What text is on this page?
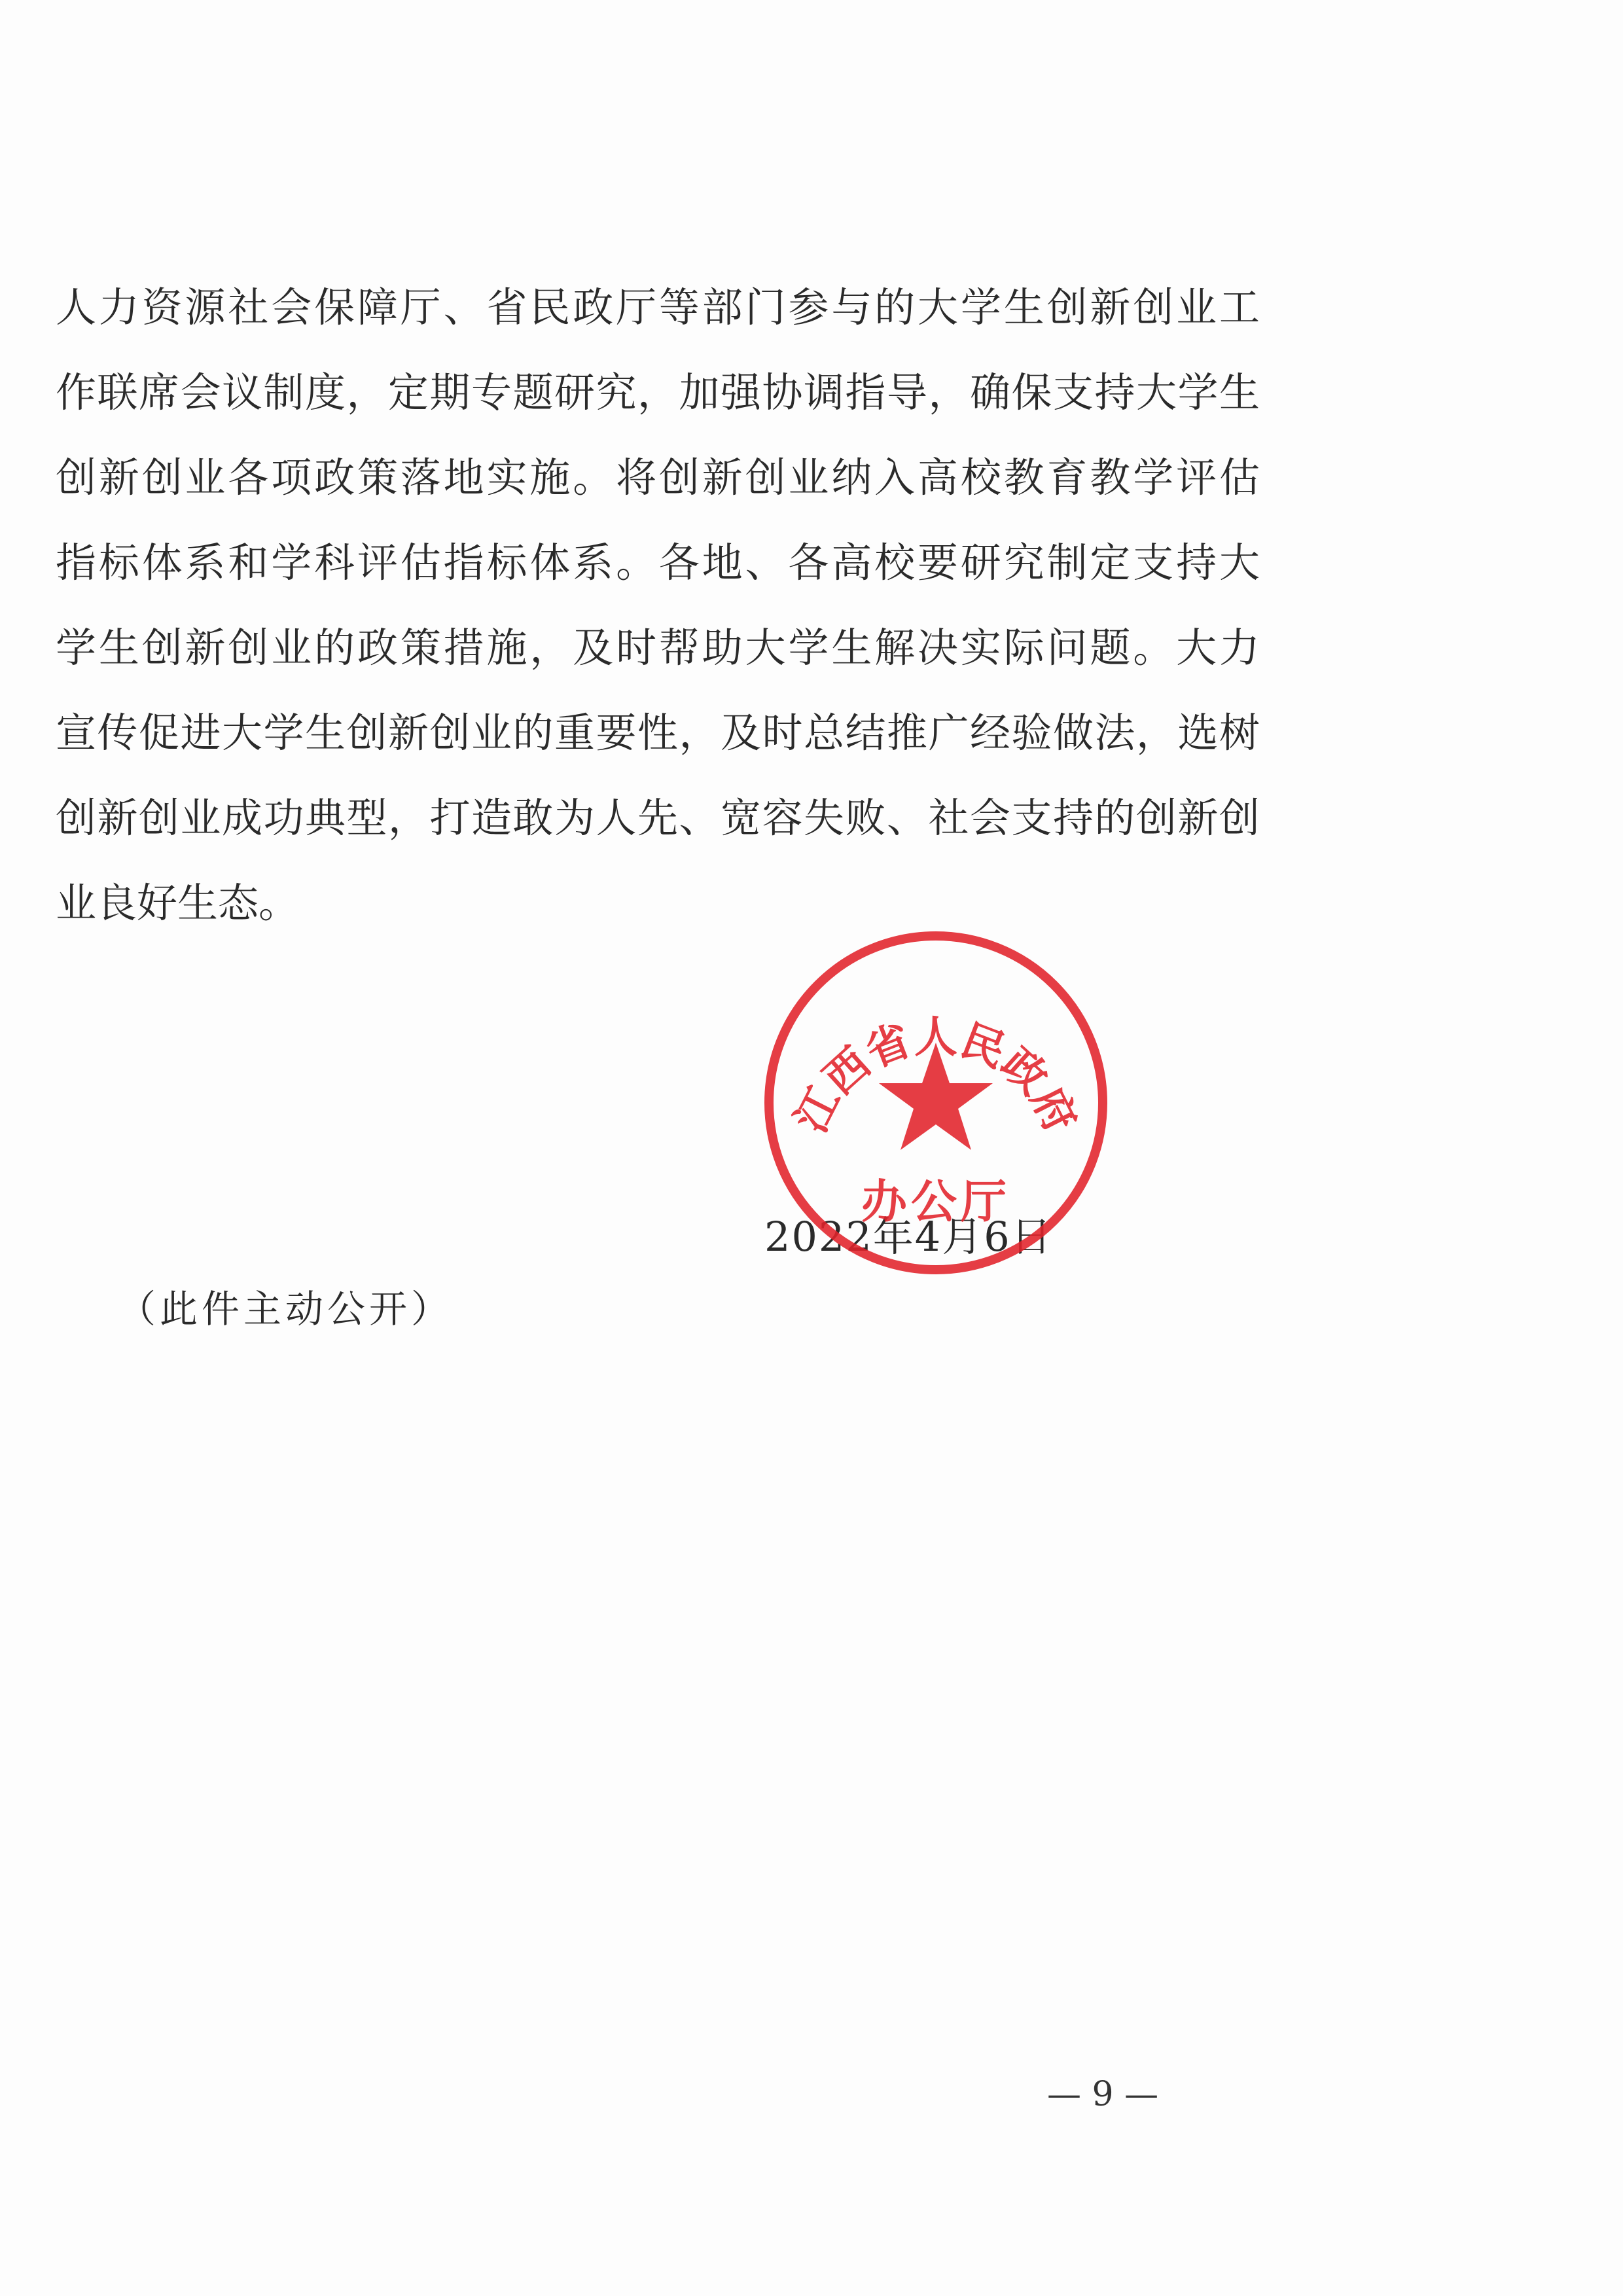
人力资源社会保障厅、省民政厅等部门参与的大学生创新创业工
作联席会议制度，定期专题研究，加强协调指导，确保支持大学生
创新创业各项政策落地实施。将创新创业纳入高校教育教学评估
指标体系和学科评估指标体系。各地、各高校要研究制定支持大
学生创新创业的政策措施，及时帮助大学生解决实际问题。大力
宣传促进大学生创新创业的重要性，及时总结推广经验做法，选树
创新创业成功典型，打造敢为人先、宽容失败、社会支持的创新创
业良好生态。
2022年4月6日
江西省人民政府
办公厅
（此件主动公开）
— 9 —
